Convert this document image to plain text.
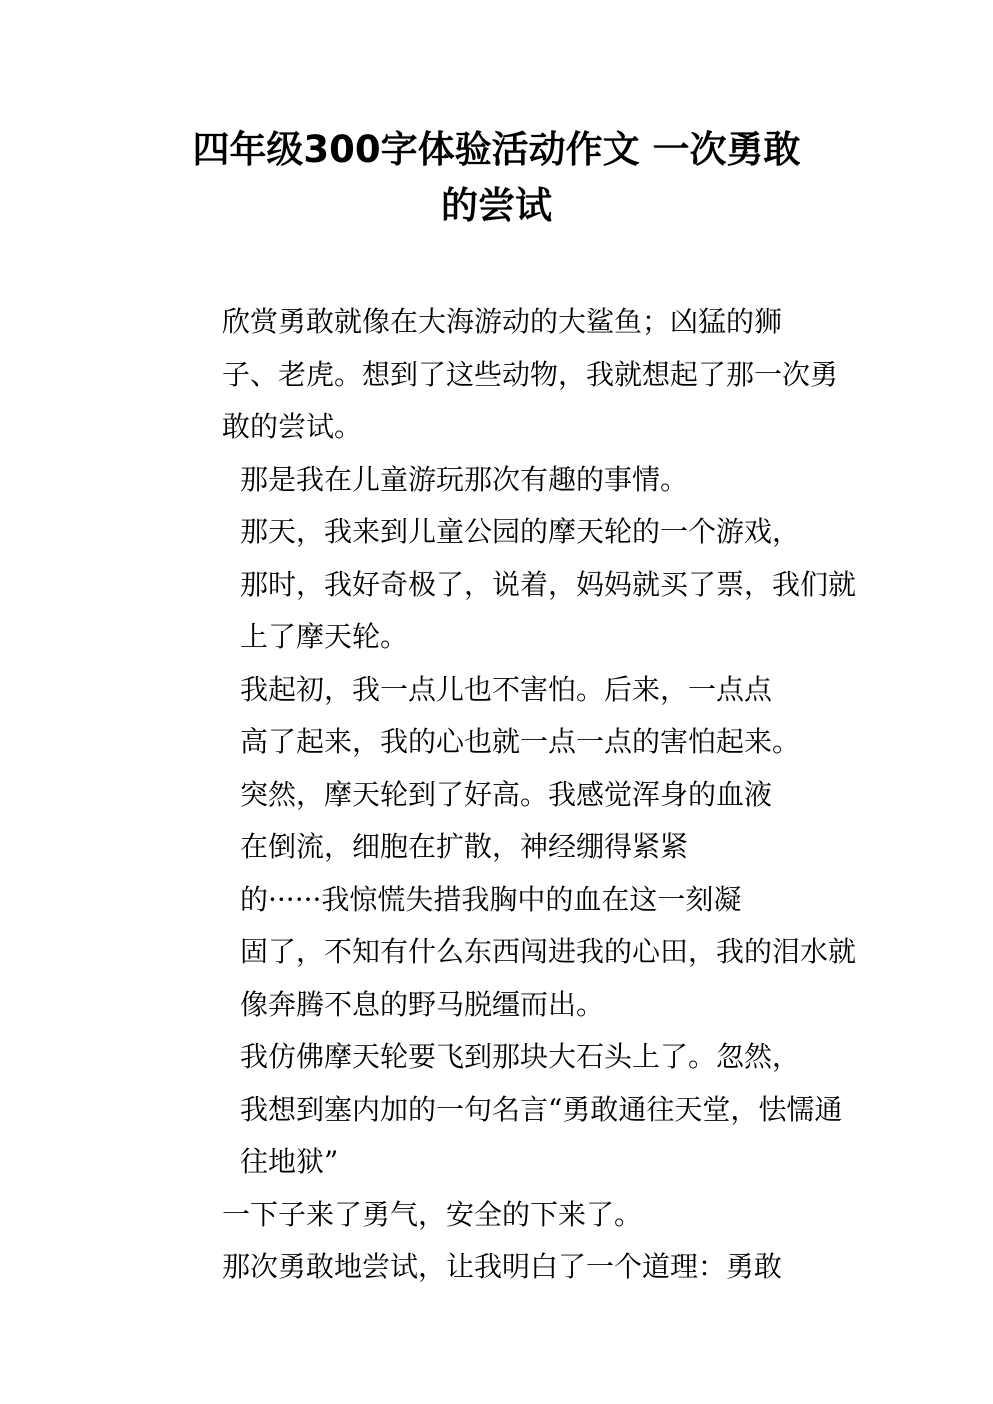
四年级300字体验活动作文 一次勇敢
的尝试

欣赏勇敢就像在大海游动的大鲨鱼；凶猛的狮
子、老虎。想到了这些动物，我就想起了那一次勇
敢的尝试。

那是我在儿童游玩那次有趣的事情。

那天，我来到儿童公园的摩天轮的一个游戏，
那时，我好奇极了，说着，妈妈就买了票，我们就
上了摩天轮。

我起初，我一点儿也不害怕。后来，一点点
高了起来，我的心也就一点一点的害怕起来。

突然，摩天轮到了好高。我感觉浑身的血液
在倒流，细胞在扩散，神经绷得紧紧
的······我惊慌失措我胸中的血在这一刻凝
固了，不知有什么东西闯进我的心田，我的泪水就
像奔腾不息的野马脱缰而出。

我仿佛摩天轮要飞到那块大石头上了。忽然，
我想到塞内加的一句名言“勇敢通往天堂，怯懦通
往地狱”

一下子来了勇气，安全的下来了。

那次勇敢地尝试，让我明白了一个道理：勇敢
